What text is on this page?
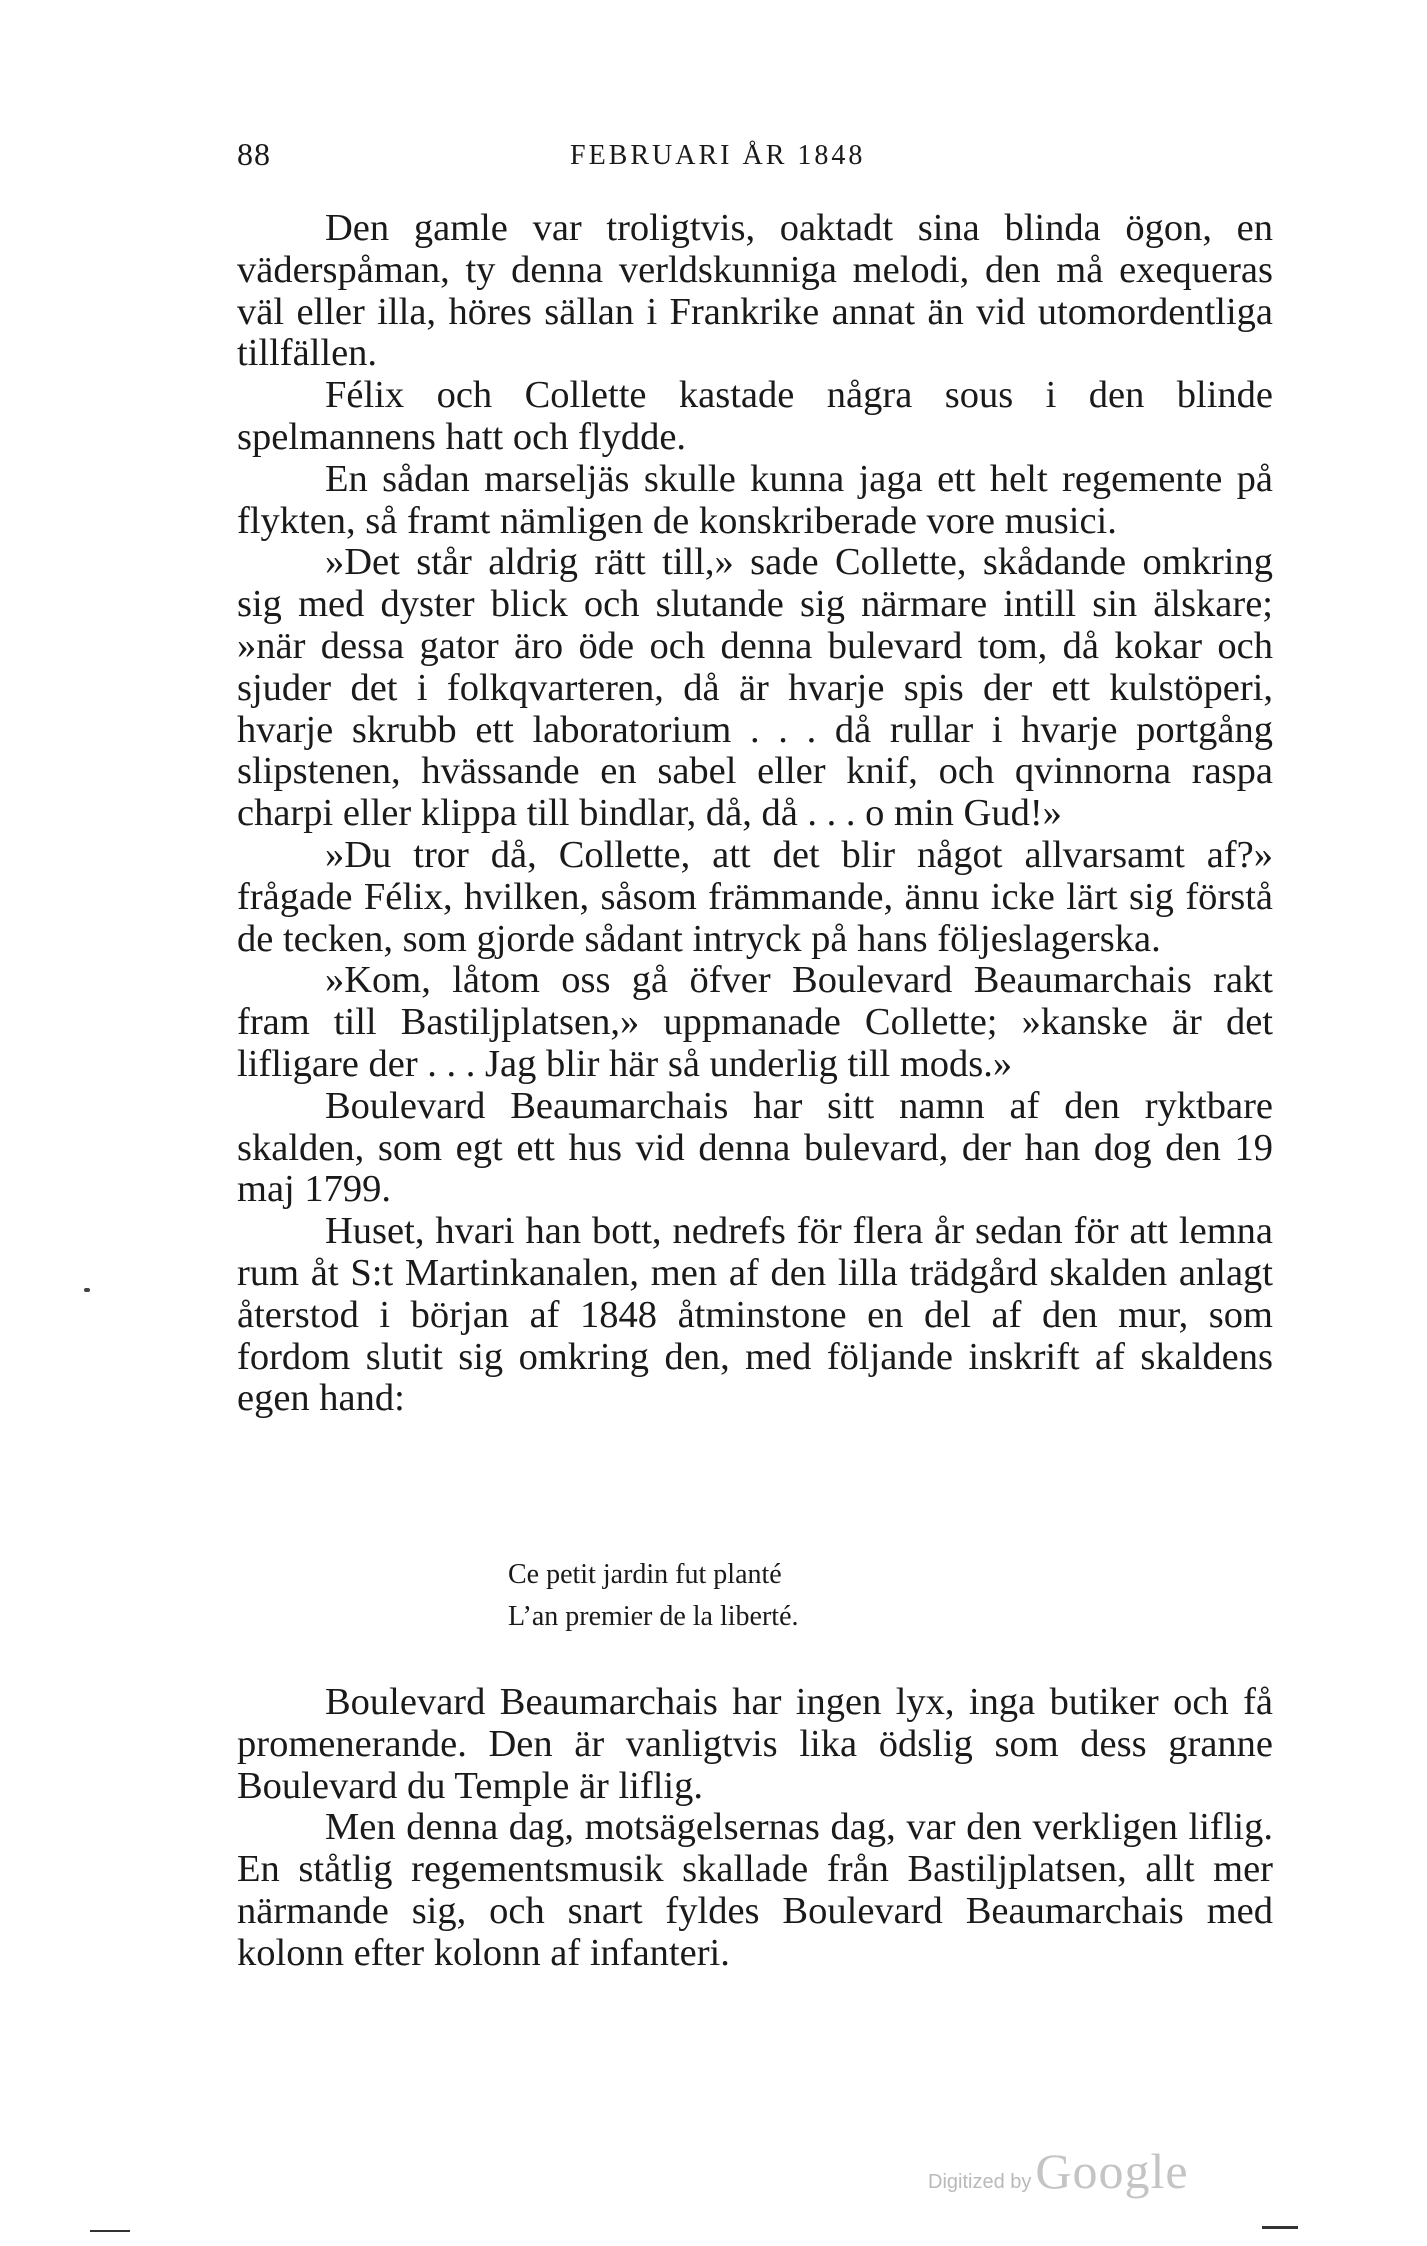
88	FEBRUARI ÅR 1848

Den gamle var troligtvis, oaktadt sina blinda ögon, en väderspåman, ty denna verldskunniga melodi, den må exequeras väl eller illa, höres sällan i Frankrike annat än vid utomordentliga tillfällen.

Félix och Collette kastade några sous i den blinde spelmannens hatt och flydde.

En sådan marseljäs skulle kunna jaga ett helt regemente på flykten, så framt nämligen de konskriberade vore musici.

»Det står aldrig rätt till,» sade Collette, skådande omkring sig med dyster blick och slutande sig närmare intill sin älskare; »när dessa gator äro öde och denna bulevard tom, då kokar och sjuder det i folkqvarteren, då är hvarje spis der ett kulstöperi, hvarje skrubb ett laboratorium . . . då rullar i hvarje portgång slipstenen, hvässande en sabel eller knif, och qvinnorna raspa charpi eller klippa till bindlar, då, då . . . o min Gud!»

»Du tror då, Collette, att det blir något allvarsamt af?» frågade Félix, hvilken, såsom främmande, ännu icke lärt sig förstå de tecken, som gjorde sådant intryck på hans följeslagerska.

»Kom, låtom oss gå öfver Boulevard Beaumarchais rakt fram till Bastiljplatsen,» uppmanade Collette; »kanske är det lifligare der . . . Jag blir här så underlig till mods.»

Boulevard Beaumarchais har sitt namn af den ryktbare skalden, som egt ett hus vid denna bulevard, der han dog den 19 maj 1799.

Huset, hvari han bott, nedrefs för flera år sedan för att lemna rum åt S:t Martinkanalen, men af den lilla trädgård skalden anlagt återstod i början af 1848 åtminstone en del af den mur, som fordom slutit sig omkring den, med följande inskrift af skaldens egen hand:

Ce petit jardin fut planté
L’an premier de la liberté.

Boulevard Beaumarchais har ingen lyx, inga butiker och få promenerande. Den är vanligtvis lika ödslig som dess granne Boulevard du Temple är liflig.

Men denna dag, motsägelsernas dag, var den verkligen liflig. En ståtlig regementsmusik skallade från Bastiljplatsen, allt mer närmande sig, och snart fyldes Boulevard Beaumarchais med kolonn efter kolonn af infanteri.

Digitized by Google
